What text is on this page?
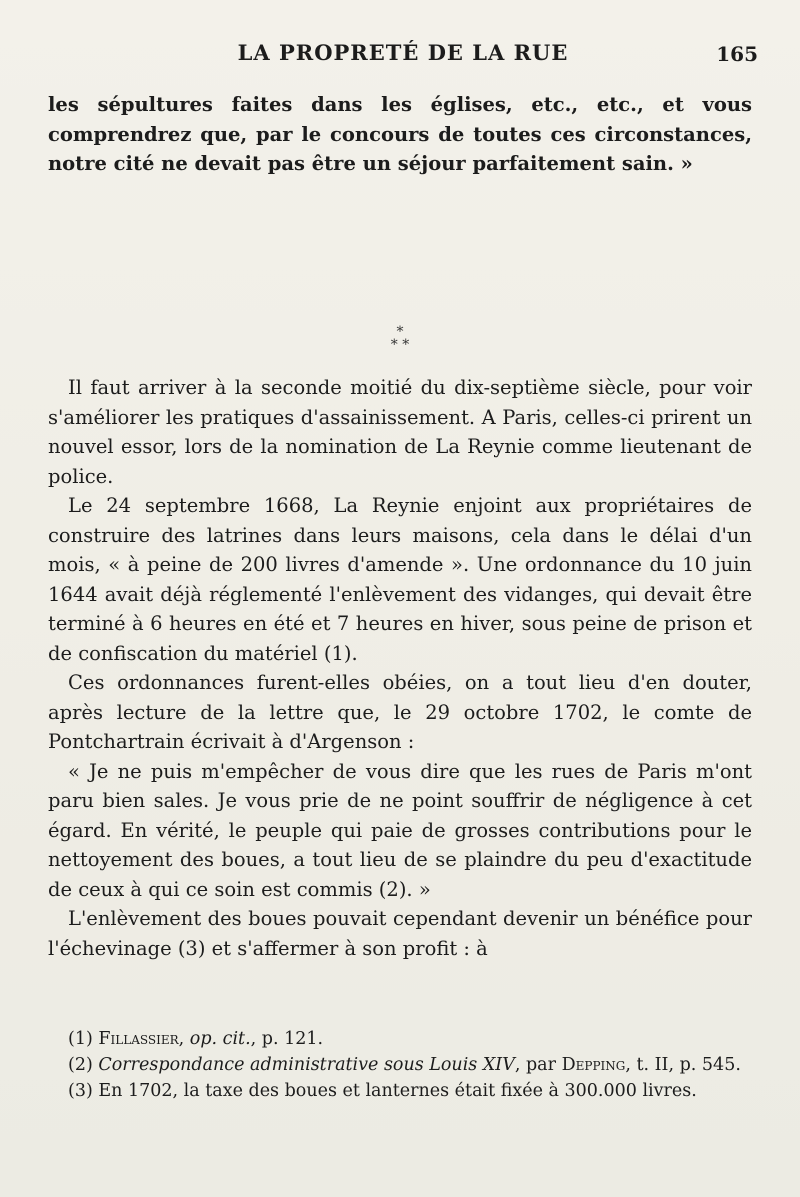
LA PROPRETÉ DE LA RUE	165

les sépultures faites dans les églises, etc., etc., et vous comprendrez que, par le concours de toutes ces circonstances, notre cité ne devait pas être un séjour parfaitement sain. »

*
* *

Il faut arriver à la seconde moitié du dix-septième siècle, pour voir s'améliorer les pratiques d'assainissement. A Paris, celles-ci prirent un nouvel essor, lors de la nomination de La Reynie comme lieutenant de police.

Le 24 septembre 1668, La Reynie enjoint aux propriétaires de construire des latrines dans leurs maisons, cela dans le délai d'un mois, « à peine de 200 livres d'amende ». Une ordonnance du 10 juin 1644 avait déjà réglementé l'enlèvement des vidanges, qui devait être terminé à 6 heures en été et 7 heures en hiver, sous peine de prison et de confiscation du matériel (1).

Ces ordonnances furent-elles obéies, on a tout lieu d'en douter, après lecture de la lettre que, le 29 octobre 1702, le comte de Pontchartrain écrivait à d'Argenson :

« Je ne puis m'empêcher de vous dire que les rues de Paris m'ont paru bien sales. Je vous prie de ne point souffrir de négligence à cet égard. En vérité, le peuple qui paie de grosses contributions pour le nettoyement des boues, a tout lieu de se plaindre du peu d'exactitude de ceux à qui ce soin est commis (2). »

L'enlèvement des boues pouvait cependant devenir un bénéfice pour l'échevinage (3) et s'affermer à son profit : à

(1) Fillassier, op. cit., p. 121.

(2) Correspondance administrative sous Louis XIV, par Depping, t. II, p. 545.

(3) En 1702, la taxe des boues et lanternes était fixée à 300.000 livres.
